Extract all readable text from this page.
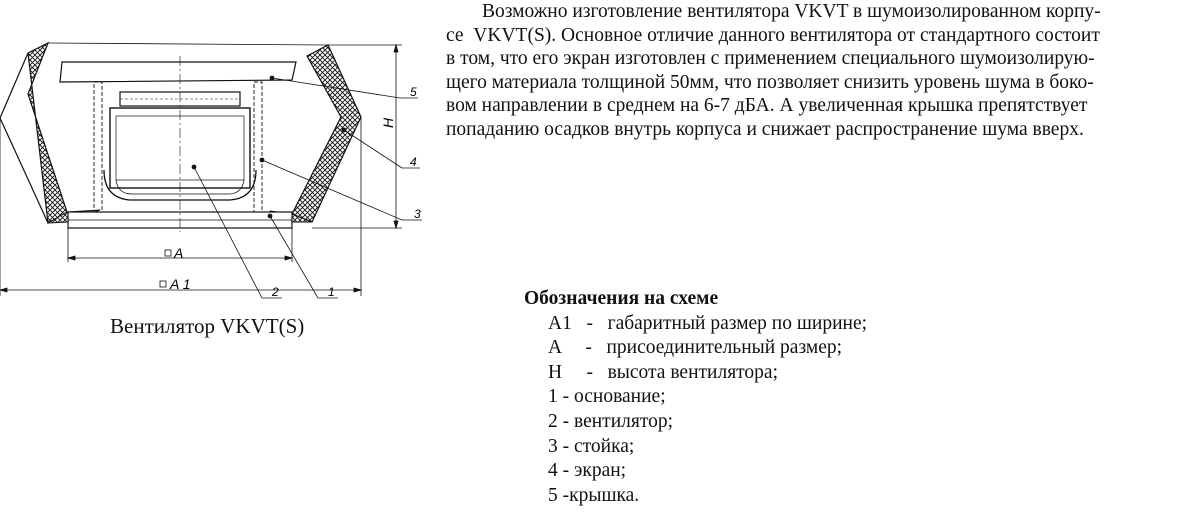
A
A 1
H
5
4
3
2	1
Вентилятор VKVT(S)
Возможно изготовление вентилятора VKVT в шумоизолированном корпу-
се  VKVT(S). Основное отличие данного вентилятора от стандартного состоит
в том, что его экран изготовлен с применением специального шумоизолирую-
щего материала толщиной 50мм, что позволяет снизить уровень шума в боко-
вом направлении в среднем на 6-7 дБА. А увеличенная крышка препятствует
попаданию осадков внутрь корпуса и снижает распространение шума вверх.
Обозначения на схеме
A1   -   габаритный размер по ширине;
A     -   присоединительный размер;
H     -   высота вентилятора;
1 - основание;
2 - вентилятор;
3 - стойка;
4 - экран;
5 -крышка.
